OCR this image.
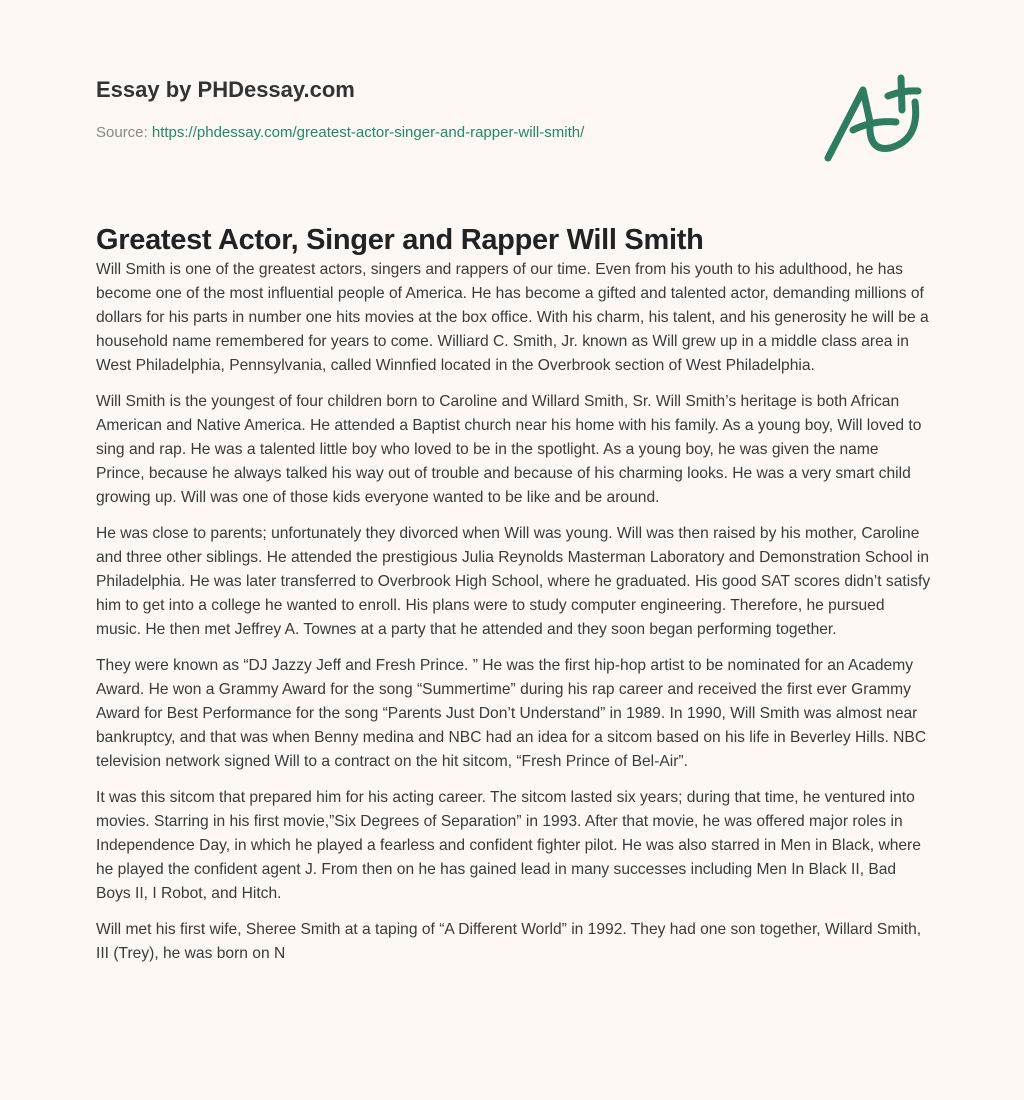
Essay by PHDessay.com
Source: https://phdessay.com/greatest-actor-singer-and-rapper-will-smith/
Greatest Actor, Singer and Rapper Will Smith

Will Smith is one of the greatest actors, singers and rappers of our time. Even from his youth to his adulthood, he has become one of the most influential people of America. He has become a gifted and talented actor, demanding millions of dollars for his parts in number one hits movies at the box office. With his charm, his talent, and his generosity he will be a household name remembered for years to come. Williard C. Smith, Jr. known as Will grew up in a middle class area in West Philadelphia, Pennsylvania, called Winnfied located in the Overbrook section of West Philadelphia.

Will Smith is the youngest of four children born to Caroline and Willard Smith, Sr. Will Smith’s heritage is both African American and Native America. He attended a Baptist church near his home with his family. As a young boy, Will loved to sing and rap. He was a talented little boy who loved to be in the spotlight. As a young boy, he was given the name Prince, because he always talked his way out of trouble and because of his charming looks. He was a very smart child growing up. Will was one of those kids everyone wanted to be like and be around.

He was close to parents; unfortunately they divorced when Will was young. Will was then raised by his mother, Caroline and three other siblings. He attended the prestigious Julia Reynolds Masterman Laboratory and Demonstration School in Philadelphia. He was later transferred to Overbrook High School, where he graduated. His good SAT scores didn’t satisfy him to get into a college he wanted to enroll. His plans were to study computer engineering. Therefore, he pursued music. He then met Jeffrey A. Townes at a party that he attended and they soon began performing together.

They were known as “DJ Jazzy Jeff and Fresh Prince. ” He was the first hip-hop artist to be nominated for an Academy Award. He won a Grammy Award for the song “Summertime” during his rap career and received the first ever Grammy Award for Best Performance for the song “Parents Just Don’t Understand” in 1989. In 1990, Will Smith was almost near bankruptcy, and that was when Benny medina and NBC had an idea for a sitcom based on his life in Beverley Hills. NBC television network signed Will to a contract on the hit sitcom, “Fresh Prince of Bel-Air”.

It was this sitcom that prepared him for his acting career. The sitcom lasted six years; during that time, he ventured into movies. Starring in his first movie,”Six Degrees of Separation” in 1993. After that movie, he was offered major roles in Independence Day, in which he played a fearless and confident fighter pilot. He was also starred in Men in Black, where he played the confident agent J. From then on he has gained lead in many successes including Men In Black II, Bad Boys II, I Robot, and Hitch.

Will met his first wife, Sheree Smith at a taping of “A Different World” in 1992. They had one son together, Willard Smith, III (Trey), he was born on N
